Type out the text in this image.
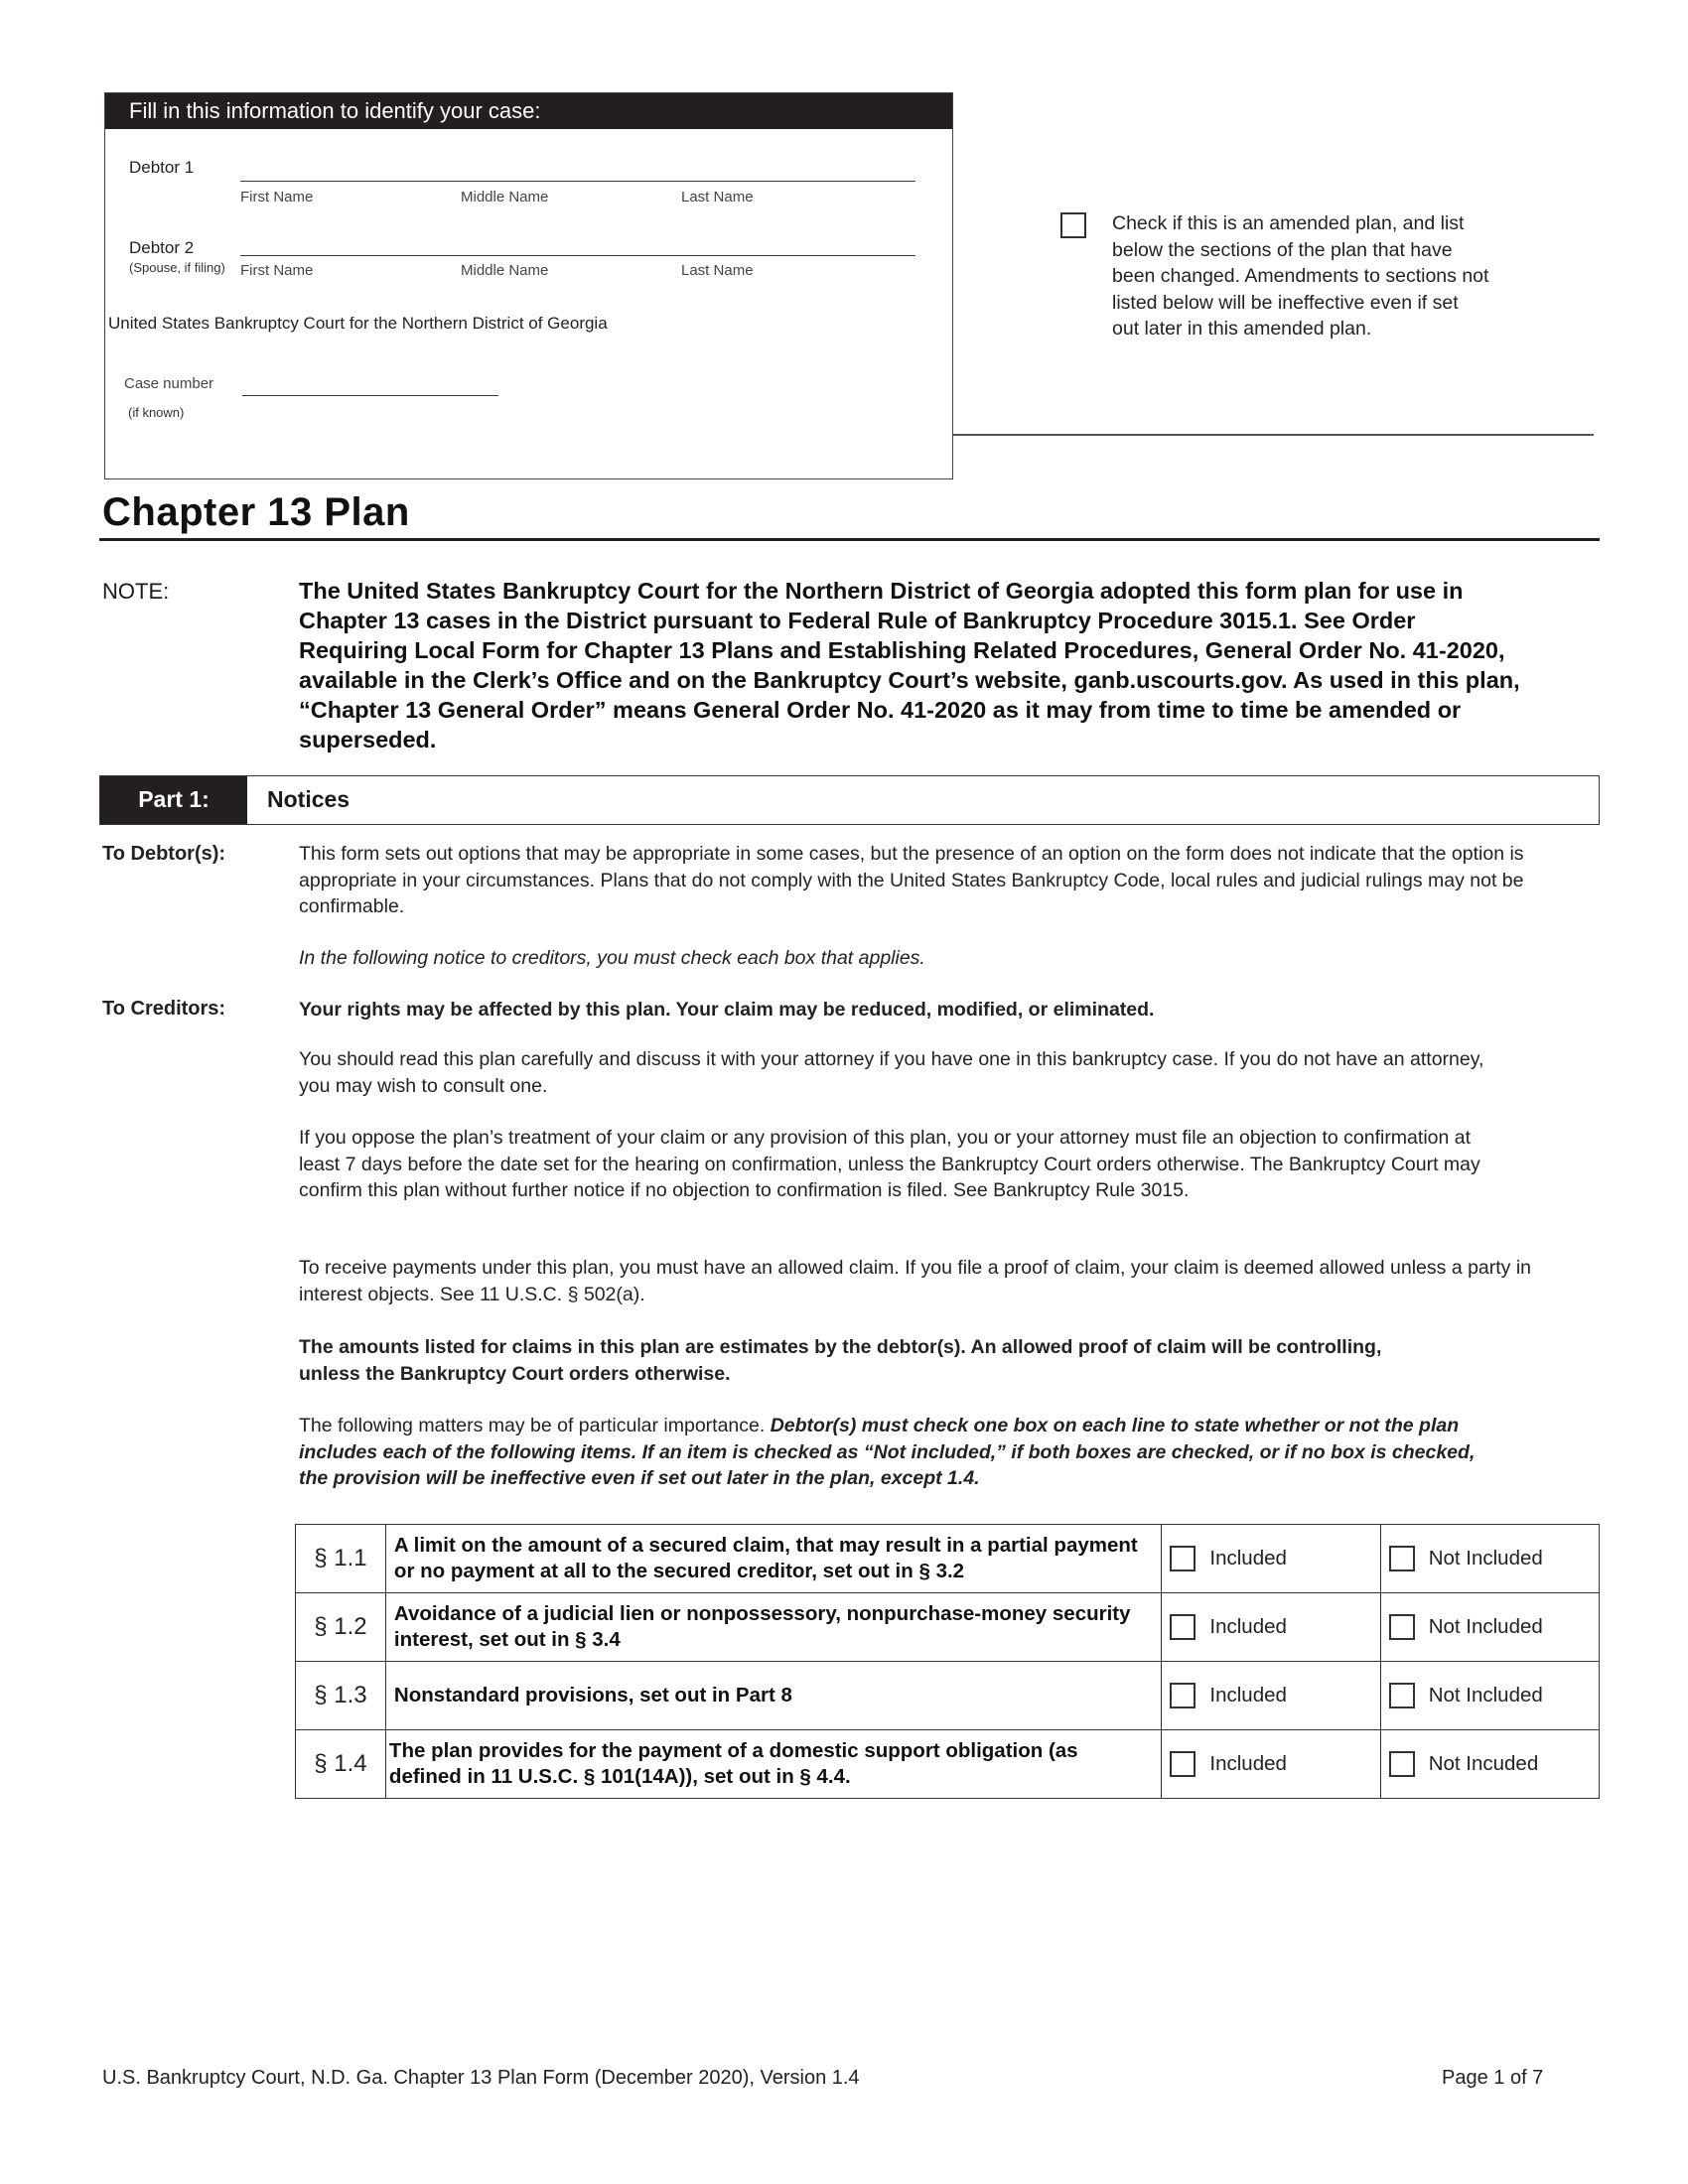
Fill in this information to identify your case:
Debtor 1
First Name	Middle Name	Last Name
Debtor 2
(Spouse, if filing) First Name	Middle Name	Last Name
United States Bankruptcy Court for the Northern District of Georgia
Case number
(if known)
Check if this is an amended plan, and list below the sections of the plan that have been changed. Amendments to sections not listed below will be ineffective even if set out later in this amended plan.
Chapter 13 Plan
NOTE:	The United States Bankruptcy Court for the Northern District of Georgia adopted this form plan for use in Chapter 13 cases in the District pursuant to Federal Rule of Bankruptcy Procedure 3015.1. See Order Requiring Local Form for Chapter 13 Plans and Establishing Related Procedures, General Order No. 41-2020, available in the Clerk’s Office and on the Bankruptcy Court’s website, ganb.uscourts.gov. As used in this plan, “Chapter 13 General Order” means General Order No. 41-2020 as it may from time to time be amended or superseded.
Part 1:	Notices
To Debtor(s):	This form sets out options that may be appropriate in some cases, but the presence of an option on the form does not indicate that the option is appropriate in your circumstances. Plans that do not comply with the United States Bankruptcy Code, local rules and judicial rulings may not be confirmable.
In the following notice to creditors, you must check each box that applies.
To Creditors:	Your rights may be affected by this plan. Your claim may be reduced, modified, or eliminated.
You should read this plan carefully and discuss it with your attorney if you have one in this bankruptcy case. If you do not have an attorney, you may wish to consult one.
If you oppose the plan’s treatment of your claim or any provision of this plan, you or your attorney must file an objection to confirmation at least 7 days before the date set for the hearing on confirmation, unless the Bankruptcy Court orders otherwise. The Bankruptcy Court may confirm this plan without further notice if no objection to confirmation is filed. See Bankruptcy Rule 3015.
To receive payments under this plan, you must have an allowed claim. If you file a proof of claim, your claim is deemed allowed unless a party in interest objects. See 11 U.S.C. § 502(a).
The amounts listed for claims in this plan are estimates by the debtor(s). An allowed proof of claim will be controlling, unless the Bankruptcy Court orders otherwise.
The following matters may be of particular importance. Debtor(s) must check one box on each line to state whether or not the plan includes each of the following items. If an item is checked as “Not included,” if both boxes are checked, or if no box is checked, the provision will be ineffective even if set out later in the plan, except 1.4.
§ 1.1	A limit on the amount of a secured claim, that may result in a partial payment or no payment at all to the secured creditor, set out in § 3.2	Included	Not Included
§ 1.2	Avoidance of a judicial lien or nonpossessory, nonpurchase-money security interest, set out in § 3.4	Included	Not Included
§ 1.3	Nonstandard provisions, set out in Part 8	Included	Not Included
§ 1.4	The plan provides for the payment of a domestic support obligation (as defined in 11 U.S.C. § 101(14A)), set out in § 4.4.	Included	Not Incuded
U.S. Bankruptcy Court, N.D. Ga. Chapter 13 Plan Form (December 2020), Version 1.4	Page 1 of 7
